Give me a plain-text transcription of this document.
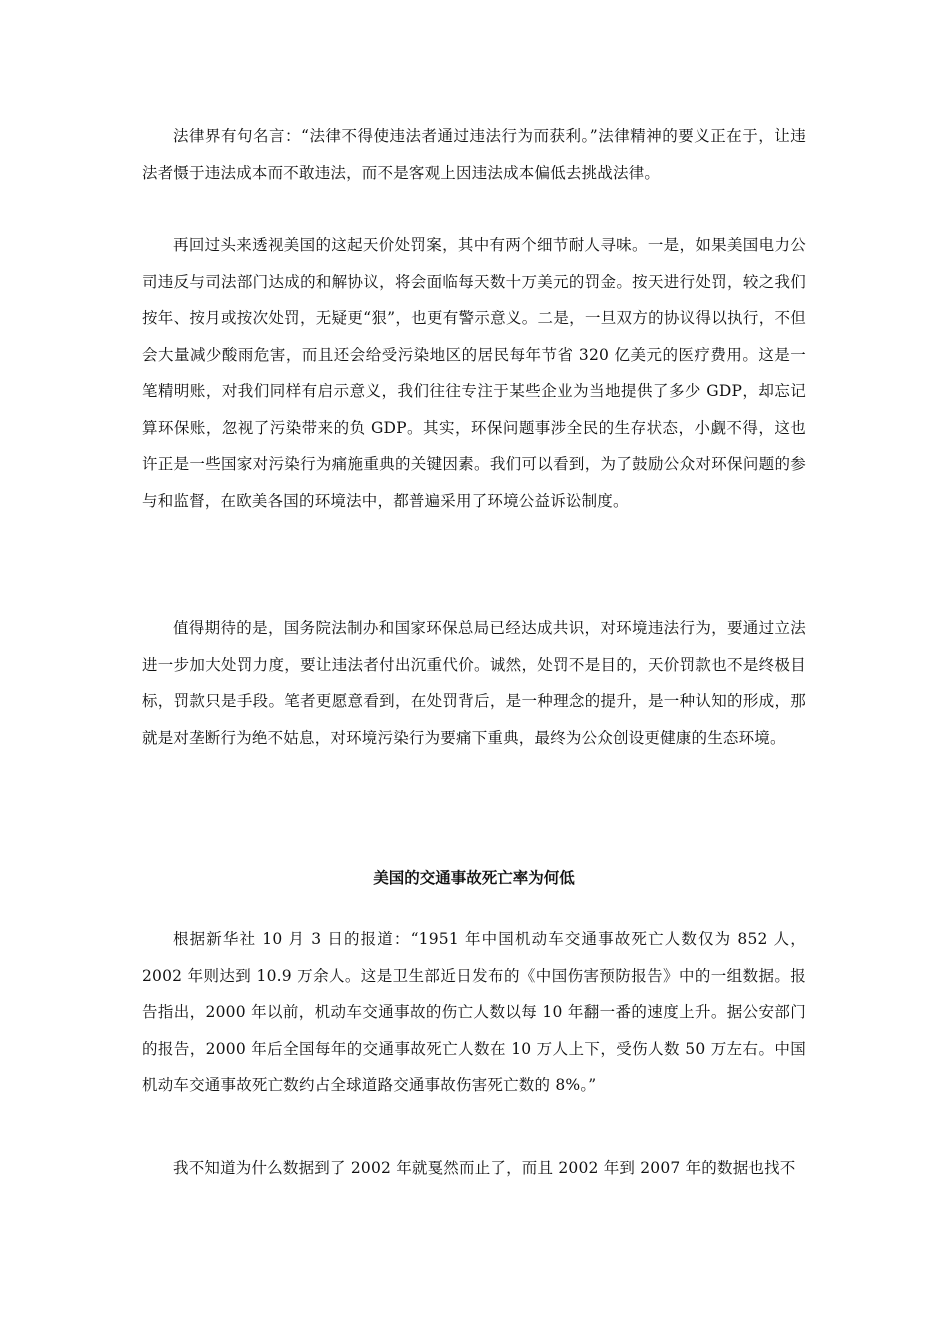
法律界有句名言：“法律不得使违法者通过违法行为而获利。”法律精神的要义正在于，让违法者慑于违法成本而不敢违法，而不是客观上因违法成本偏低去挑战法律。

再回过头来透视美国的这起天价处罚案，其中有两个细节耐人寻味。一是，如果美国电力公司违反与司法部门达成的和解协议，将会面临每天数十万美元的罚金。按天进行处罚，较之我们按年、按月或按次处罚，无疑更“狠”，也更有警示意义。二是，一旦双方的协议得以执行，不但会大量减少酸雨危害，而且还会给受污染地区的居民每年节省 320 亿美元的医疗费用。这是一笔精明账，对我们同样有启示意义，我们往往专注于某些企业为当地提供了多少 GDP，却忘记算环保账，忽视了污染带来的负 GDP。其实，环保问题事涉全民的生存状态，小觑不得，这也许正是一些国家对污染行为痛施重典的关键因素。我们可以看到，为了鼓励公众对环保问题的参与和监督，在欧美各国的环境法中，都普遍采用了环境公益诉讼制度。

值得期待的是，国务院法制办和国家环保总局已经达成共识，对环境违法行为，要通过立法进一步加大处罚力度，要让违法者付出沉重代价。诚然，处罚不是目的，天价罚款也不是终极目标，罚款只是手段。笔者更愿意看到，在处罚背后，是一种理念的提升，是一种认知的形成，那就是对垄断行为绝不姑息，对环境污染行为要痛下重典，最终为公众创设更健康的生态环境。

美国的交通事故死亡率为何低

根据新华社 10 月 3 日的报道：“1951 年中国机动车交通事故死亡人数仅为 852 人，2002 年则达到 10.9 万余人。这是卫生部近日发布的《中国伤害预防报告》中的一组数据。报告指出，2000 年以前，机动车交通事故的伤亡人数以每 10 年翻一番的速度上升。据公安部门的报告，2000 年后全国每年的交通事故死亡人数在 10 万人上下，受伤人数 50 万左右。中国机动车交通事故死亡数约占全球道路交通事故伤害死亡数的 8%。”

我不知道为什么数据到了 2002 年就戛然而止了，而且 2002 年到 2007 年的数据也找不
